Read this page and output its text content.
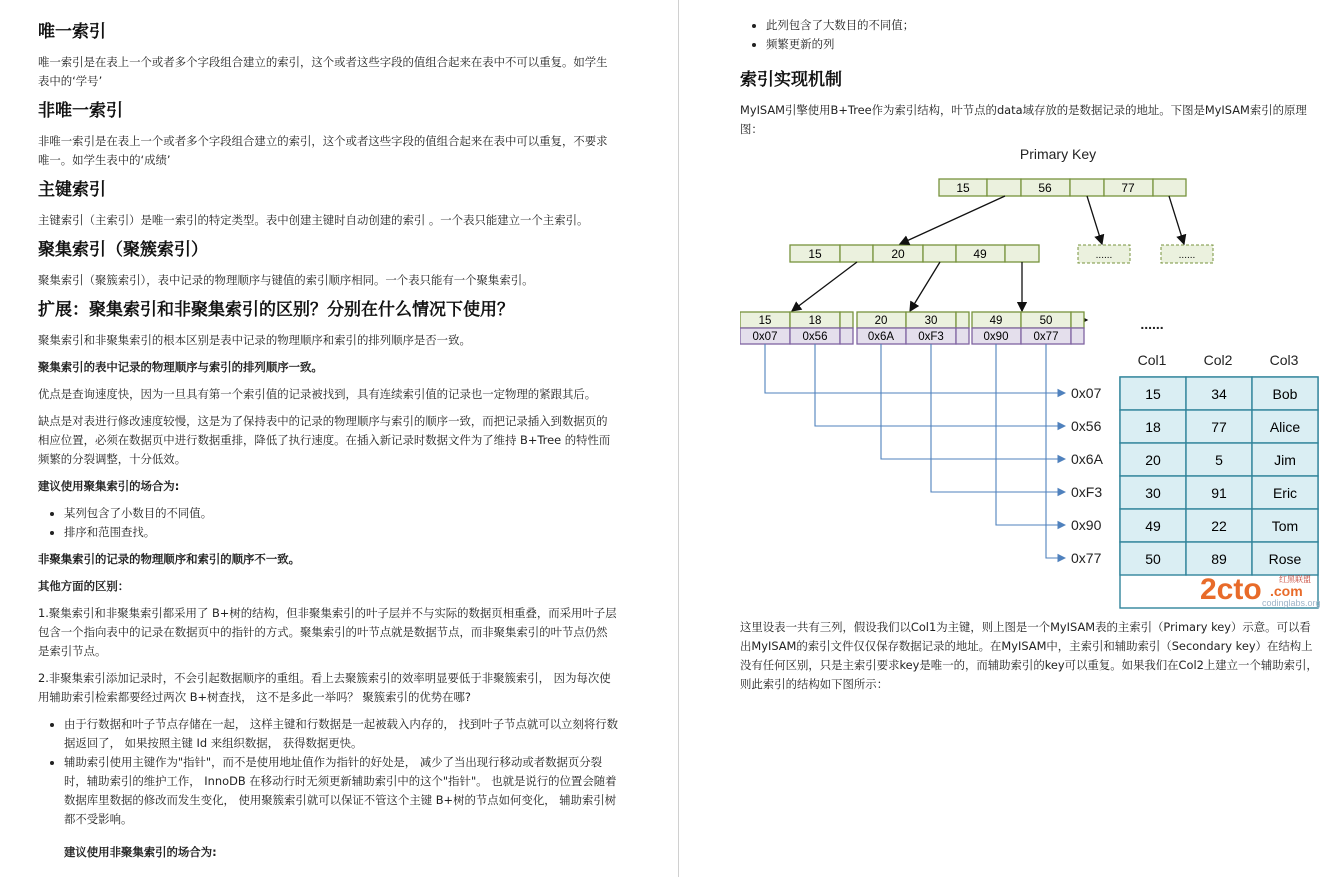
唯一索引

唯一索引是在表上一个或者多个字段组合建立的索引，这个或者这些字段的值组合起来在表中不可以重复。如学生表中的‘学号’

非唯一索引

非唯一索引是在表上一个或者多个字段组合建立的索引，这个或者这些字段的值组合起来在表中可以重复，不要求唯一。如学生表中的‘成绩’

主键索引

主键索引（主索引）是唯一索引的特定类型。表中创建主键时自动创建的索引 。一个表只能建立一个主索引。

聚集索引（聚簇索引）

聚集索引（聚簇索引），表中记录的物理顺序与键值的索引顺序相同。一个表只能有一个聚集索引。

扩展：聚集索引和非聚集索引的区别？分别在什么情况下使用？

聚集索引和非聚集索引的根本区别是表中记录的物理顺序和索引的排列顺序是否一致。

聚集索引的表中记录的物理顺序与索引的排列顺序一致。

优点是查询速度快，因为一旦具有第一个索引值的记录被找到，具有连续索引值的记录也一定物理的紧跟其后。

缺点是对表进行修改速度较慢，这是为了保持表中的记录的物理顺序与索引的顺序一致，而把记录插入到数据页的相应位置，必须在数据页中进行数据重排，降低了执行速度。在插入新记录时数据文件为了维持 B+Tree 的特性而频繁的分裂调整，十分低效。

建议使用聚集索引的场合为:

• 某列包含了小数目的不同值。
• 排序和范围查找。

非聚集索引的记录的物理顺序和索引的顺序不一致。

其他方面的区别：

1.聚集索引和非聚集索引都采用了 B+树的结构，但非聚集索引的叶子层并不与实际的数据页相重叠，而采用叶子层包含一个指向表中的记录在数据页中的指针的方式。聚集索引的叶节点就是数据节点，而非聚集索引的叶节点仍然是索引节点。

2.非聚集索引添加记录时，不会引起数据顺序的重组。看上去聚簇索引的效率明显要低于非聚簇索引， 因为每次使用辅助索引检索都要经过两次 B+树查找， 这不是多此一举吗？ 聚簇索引的优势在哪?

• 由于行数据和叶子节点存储在一起， 这样主键和行数据是一起被载入内存的， 找到叶子节点就可以立刻将行数据返回了， 如果按照主键 Id 来组织数据， 获得数据更快。
• 辅助索引使用主键作为"指针"，而不是使用地址值作为指针的好处是， 减少了当出现行移动或者数据页分裂时，辅助索引的维护工作， InnoDB 在移动行时无须更新辅助索引中的这个"指针"。 也就是说行的位置会随着数据库里数据的修改而发生变化， 使用聚簇索引就可以保证不管这个主键 B+树的节点如何变化， 辅助索引树都不受影响。

建议使用非聚集索引的场合为:

• 此列包含了大数目的不同值；
• 频繁更新的列
索引实现机制

MyISAM引擎使用B+Tree作为索引结构，叶节点的data域存放的是数据记录的地址。下图是MyISAM索引的原理图：

这里设表一共有三列，假设我们以Col1为主键，则上图是一个MyISAM表的主索引（Primary key）示意。可以看出MyISAM的索引文件仅仅保存数据记录的地址。在MyISAM中，主索引和辅助索引（Secondary key）在结构上没有任何区别，只是主索引要求key是唯一的，而辅助索引的key可以重复。如果我们在Col2上建立一个辅助索引，则此索引的结构如下图所示：

Primary Key
15	56	77
15	20	49	......	......
15	18
0x07 0x56
20	30
0x6A 0xF3
49	50
0x90 0x77
......
0x07
0x56
0x6A
0xF3
0x90
0x77
Col1	Col2	Col3
15	34	Bob
18	77	Alice
20	5	Jim
30	91	Eric
49	22	Tom
50	89	Rose
2cto .com
红黑联盟
codinglabs.org
